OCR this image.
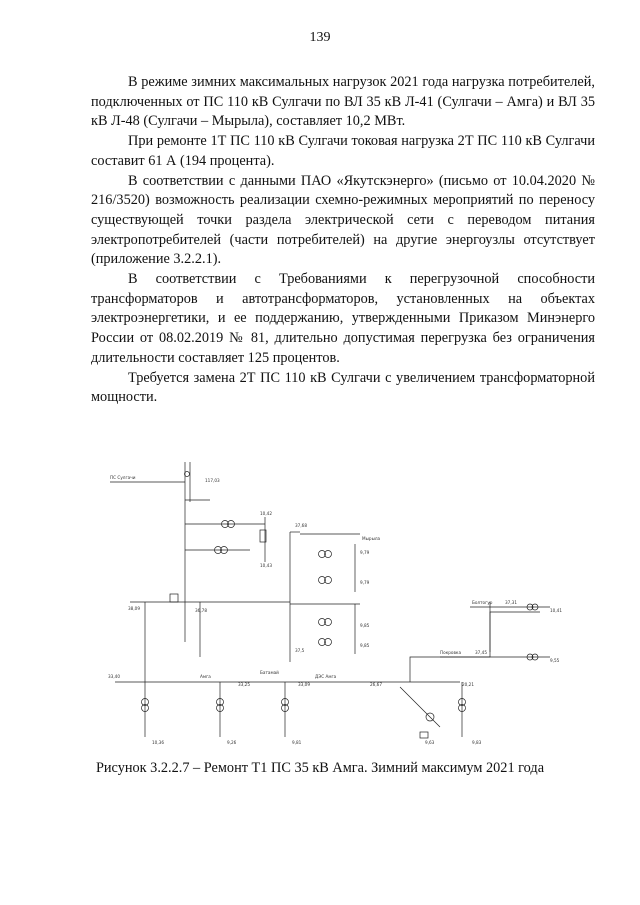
139

В режиме зимних максимальных нагрузок 2021 года нагрузка потребителей, подключенных от ПС 110 кВ Сулгачи по ВЛ 35 кВ Л-41 (Сулгачи – Амга) и ВЛ 35 кВ Л-48 (Сулгачи – Мырыла), составляет 10,2 МВт.

При ремонте 1Т ПС 110 кВ Сулгачи токовая нагрузка 2Т ПС 110 кВ Сулгачи составит 61 А (194 процента).

В соответствии с данными ПАО «Якутскэнерго» (письмо от 10.04.2020 № 216/3520) возможность реализации схемно-режимных мероприятий по переносу существующей точки раздела электрической сети с переводом питания электропотребителей (части потребителей) на другие энергоузлы отсутствует (приложение 3.2.2.1).

В соответствии с Требованиями к перегрузочной способности трансформаторов и автотрансформаторов, установленных на объектах электроэнергетики, и ее поддержанию, утвержденными Приказом Минэнерго России от 08.02.2019 № 81, длительно допустимая перегрузка без ограничения длительности составляет 125 процентов.

Требуется замена 2Т ПС 110 кВ Сулгачи с увеличением трансформаторной мощности.

ПС Сулгачи
117,03
10,42
10,43
38,09	36,78
37,68
Мырыла
9,79
9,79
9,85
9,85
37,5
33,40	Амга
33,25
Батамай
33,09
ДЭС Амга
26,67	20,21
10,36	9,26	9,81	9,63	9,83
Болтогур	37,31
10,41
Покровка	37,45
9,55
Рисунок 3.2.2.7 – Ремонт Т1 ПС 35 кВ Амга. Зимний максимум 2021 года
